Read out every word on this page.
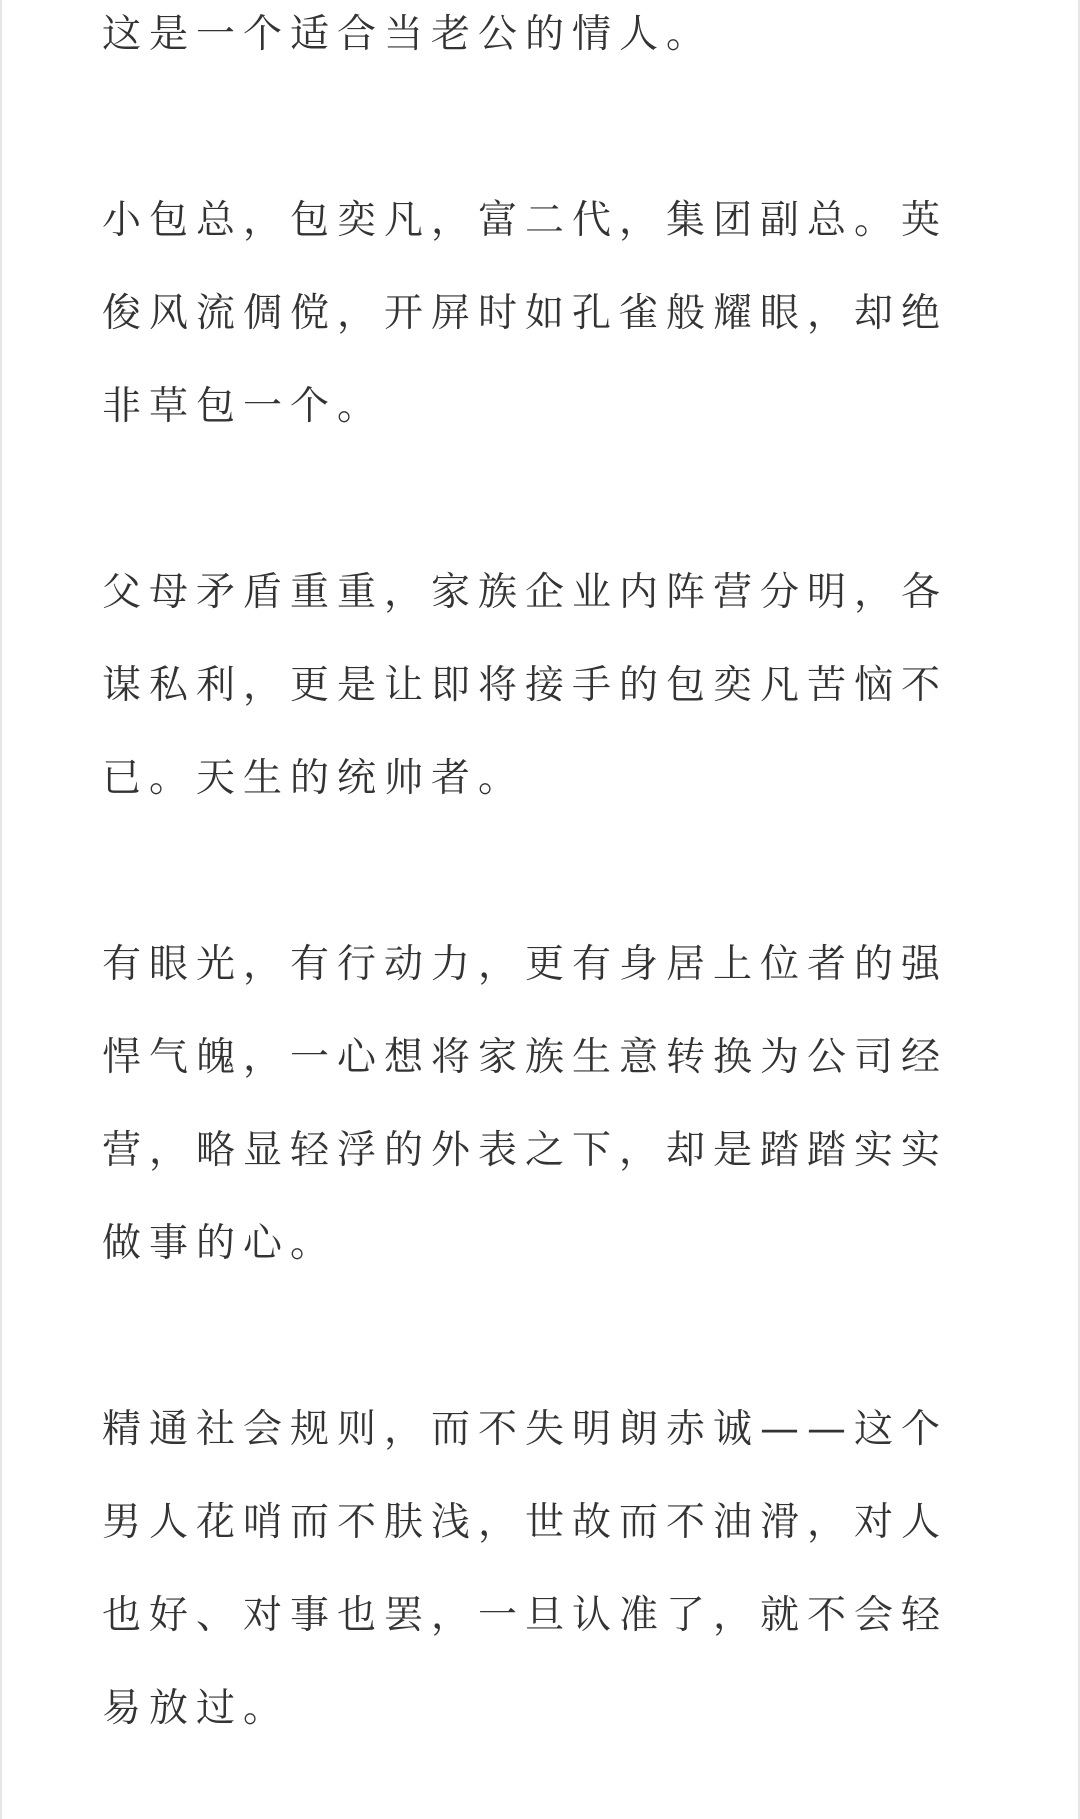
这是一个适合当老公的情人。

小包总，包奕凡，富二代，集团副总。英俊风流倜傥，开屏时如孔雀般耀眼，却绝非草包一个。

父母矛盾重重，家族企业内阵营分明，各谋私利，更是让即将接手的包奕凡苦恼不已。天生的统帅者。

有眼光，有行动力，更有身居上位者的强悍气魄，一心想将家族生意转换为公司经营，略显轻浮的外表之下，却是踏踏实实做事的心。

精通社会规则，而不失明朗赤诚——这个男人花哨而不肤浅，世故而不油滑，对人也好、对事也罢，一旦认准了，就不会轻易放过。
